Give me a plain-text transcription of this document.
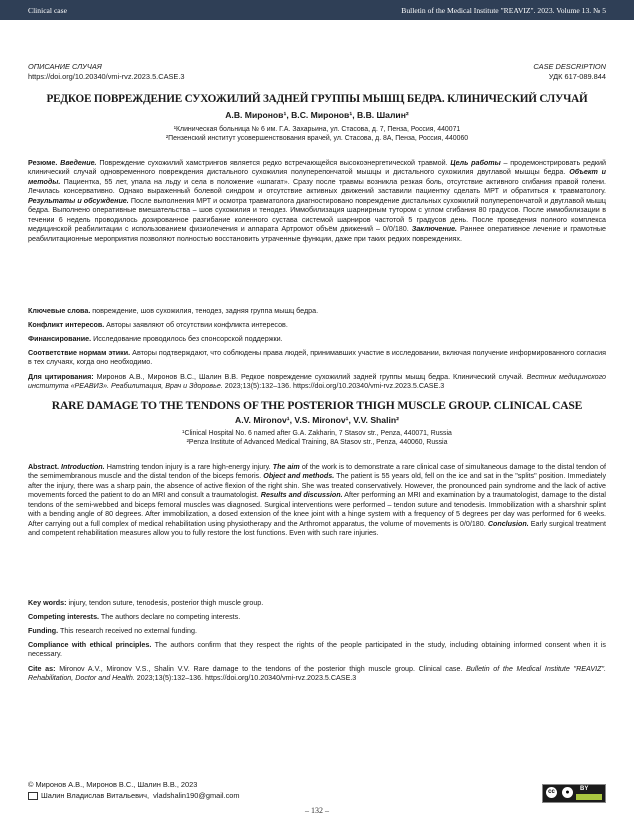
Clinical case	Bulletin of the Medical Institute "REAVIZ". 2023. Volume 13. № 5
ОПИСАНИЕ СЛУЧАЯ
https://doi.org/10.20340/vmi-rvz.2023.5.CASE.3
CASE DESCRIPTION
УДК 617-089.844
РЕДКОЕ ПОВРЕЖДЕНИЕ СУХОЖИЛИЙ ЗАДНЕЙ ГРУППЫ МЫШЦ БЕДРА. КЛИНИЧЕСКИЙ СЛУЧАЙ
А.В. Миронов¹, В.С. Миронов¹, В.В. Шалин²
¹Клиническая больница № 6 им. Г.А. Захарьина, ул. Стасова, д. 7, Пенза, Россия, 440071
²Пензенский институт усовершенствования врачей, ул. Стасова, д. 8А, Пенза, Россия, 440060
Резюме. Введение. Повреждение сухожилий хамстрингов является редко встречающейся высокоэнергетической травмой. Цель работы – продемонстрировать редкий клинический случай одновременного повреждения дистального сухожилия полуперепончатой мышцы и дистального сухожилия двуглавой мышцы бедра. Объект и методы. Пациентка, 55 лет, упала на льду и села в положение «шпагат». Сразу после травмы возникла резкая боль, отсутствие активного сгибания правой голени. Лечилась консервативно. Однако выраженный болевой синдром и отсутствие активных движений заставили пациентку сделать МРТ и обратиться к травматологу. Результаты и обсуждение. После выполнения МРТ и осмотра травматолога диагностировано повреждение дистальных сухожилий полуперепончатой и двуглавой мышц бедра. Выполнено оперативные вмешательства – шов сухожилия и тенодез. Иммобилизация шарнирным тутором с углом сгибания 80 градусов. После иммобилизации в течении 6 недель проводилось дозированное разгибание коленного сустава системой шарниров частотой 5 градусов день. После проведения полного комплекса медицинской реабилитации с использованием физиолечения и аппарата Артромот объём движений – 0/0/180. Заключение. Раннее оперативное лечение и грамотные реабилитационные мероприятия позволяют полностью восстановить утраченные функции, даже при таких редких повреждениях.
Ключевые слова. повреждение, шов сухожилия, тенодез, задняя группа мышц бедра.
Конфликт интересов. Авторы заявляют об отсутствии конфликта интересов.
Финансирование. Исследование проводилось без спонсорской поддержки.
Соответствие нормам этики. Авторы подтверждают, что соблюдены права людей, принимавших участие в исследовании, включая получение информированного согласия в тех случаях, когда оно необходимо.
Для цитирования: Миронов А.В., Миронов В.С., Шалин В.В. Редкое повреждение сухожилий задней группы мышц бедра. Клинический случай. Вестник медицинского института «РЕАВИЗ». Реабилитация, Врач и Здоровье. 2023;13(5):132–136. https://doi.org/10.20340/vmi-rvz.2023.5.CASE.3
RARE DAMAGE TO THE TENDONS OF THE POSTERIOR THIGH MUSCLE GROUP. CLINICAL CASE
A.V. Mironov¹, V.S. Mironov¹, V.V. Shalin²
¹Clinical Hospital No. 6 named after G.A. Zakharin, 7 Stasov str., Penza, 440071, Russia
²Penza Institute of Advanced Medical Training, 8A Stasov str., Penza, 440060, Russia
Abstract. Introduction. Hamstring tendon injury is a rare high-energy injury. The aim of the work is to demonstrate a rare clinical case of simultaneous damage to the distal tendon of the semimembranous muscle and the distal tendon of the biceps femoris. Object and methods. The patient is 55 years old, fell on the ice and sat in the "splits" position. Immediately after the injury, there was a sharp pain, the absence of active flexion of the right shin. She was treated conservatively. However, the pronounced pain syndrome and the lack of active movements forced the patient to do an MRI and consult a traumatologist. Results and discussion. After performing an MRI and examination by a traumatologist, damage to the distal tendons of the semi-webbed and biceps femoral muscles was diagnosed. Surgical interventions were performed – tendon suture and tenodesis. Immobilization with a sharshnir splint with a bending angle of 80 degrees. After immobilization, a dosed extension of the knee joint with a hinge system with a frequency of 5 degrees per day was performed for 6 weeks. After carrying out a full complex of medical rehabilitation using physiotherapy and the Arthromot apparatus, the volume of movements is 0/0/180. Conclusion. Early surgical treatment and competent rehabilitation measures allow you to fully restore the lost functions. Even with such rare injuries.
Key words: injury, tendon suture, tenodesis, posterior thigh muscle group.
Competing interests. The authors declare no competing interests.
Funding. This research received no external funding.
Compliance with ethical principles. The authors confirm that they respect the rights of the people participated in the study, including obtaining informed consent when it is necessary.
Cite as: Mironov A.V., Mironov V.S., Shalin V.V. Rare damage to the tendons of the posterior thigh muscle group. Clinical case. Bulletin of the Medical Institute "REAVIZ". Rehabilitation, Doctor and Health. 2023;13(5):132–136. https://doi.org/10.20340/vmi-rvz.2023.5.CASE.3
© Миронов А.В., Миронов В.С., Шалин В.В., 2023
Шалин Владислав Витальевич, vladshalin190@gmail.com	cc	●	BY
– 132 –
